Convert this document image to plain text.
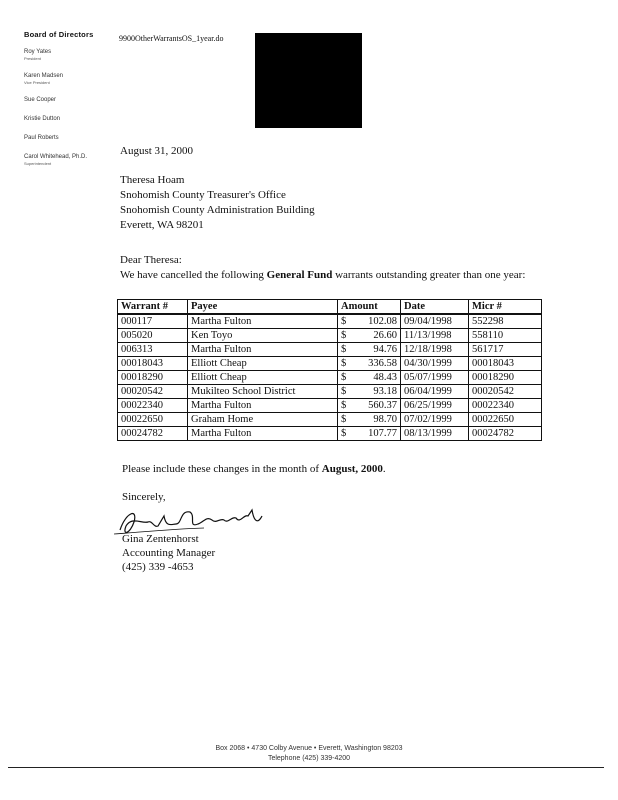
Board of Directors
Roy Yates
President
Karen Madsen
Vice President
Sue Cooper
Kristie Dutton
Paul Roberts
Carol Whitehead, Ph.D.
Superintendent
9900OtherWarrantsOS_1year.do
August 31, 2000
Theresa Hoam
Snohomish County Treasurer's Office
Snohomish County Administration Building
Everett, WA 98201
Dear Theresa:
We have cancelled the following General Fund warrants outstanding greater than one year:
Warrant #	Payee	Amount	Date	Micr #
000117	Martha Fulton	$ 102.08	09/04/1998	552298
005020	Ken Toyo	$ 26.60	11/13/1998	558110
006313	Martha Fulton	$ 94.76	12/18/1998	561717
00018043	Elliott Cheap	$ 336.58	04/30/1999	00018043
00018290	Elliott Cheap	$ 48.43	05/07/1999	00018290
00020542	Mukilteo School District	$ 93.18	06/04/1999	00020542
00022340	Martha Fulton	$ 560.37	06/25/1999	00022340
00022650	Graham Home	$ 98.70	07/02/1999	00022650
00024782	Martha Fulton	$ 107.77	08/13/1999	00024782
Please include these changes in the month of August, 2000.
Sincerely,
Gina Zentenhorst
Accounting Manager
(425) 339 -4653
Box 2068 • 4730 Colby Avenue • Everett, Washington 98203
Telephone (425) 339-4200
